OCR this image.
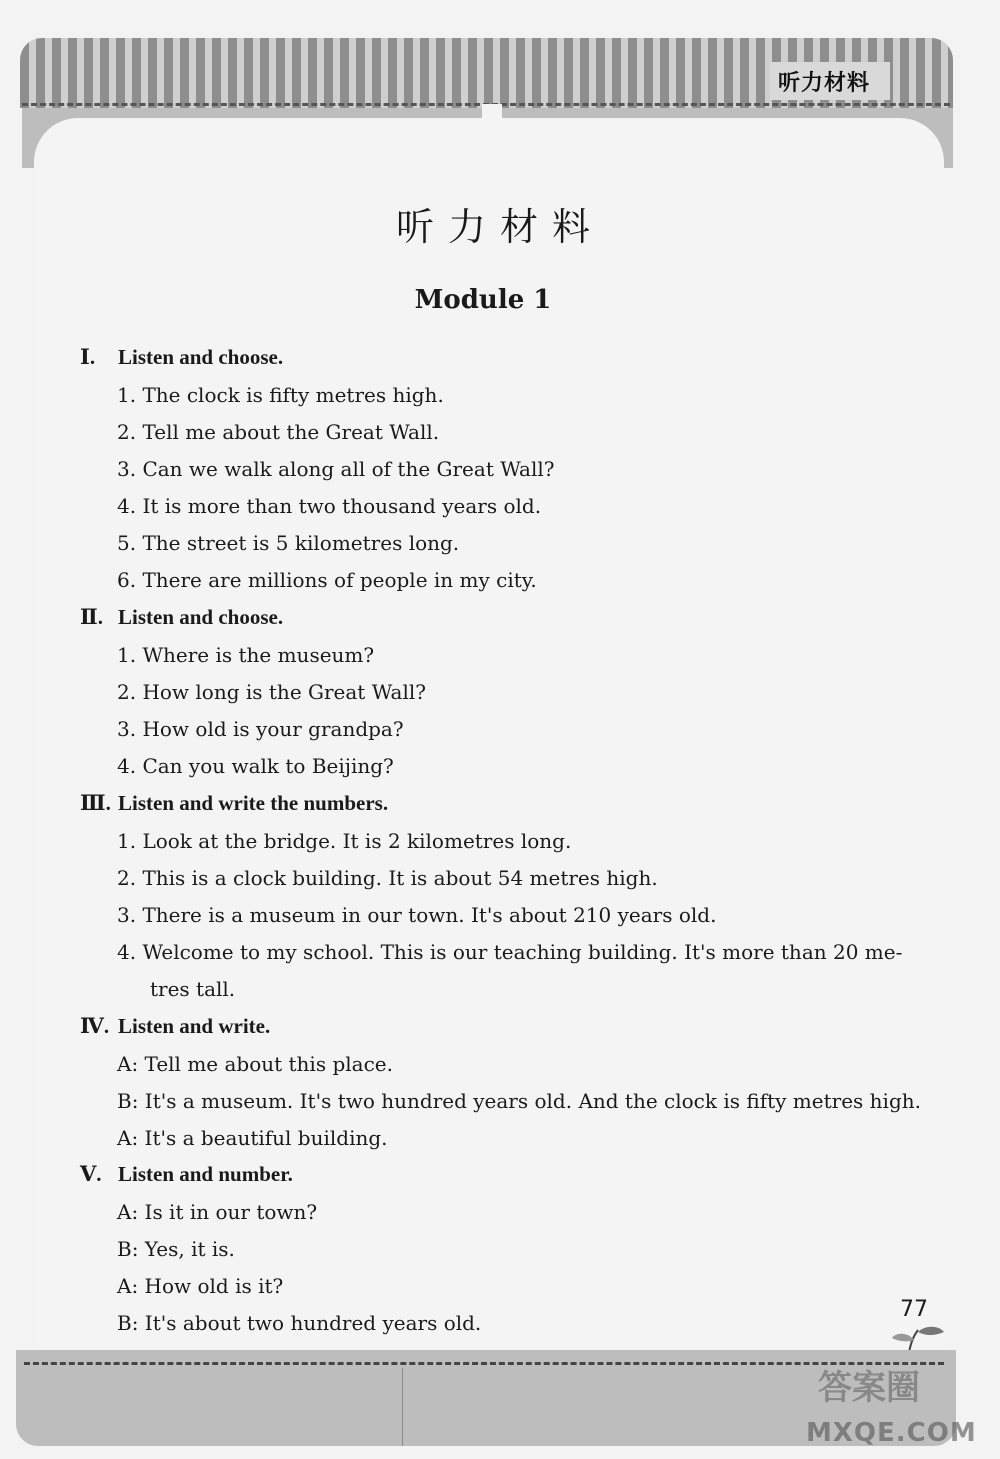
听力材料
听力材料
Module 1
Ⅰ. Listen and choose.
1. The clock is fifty metres high.
2. Tell me about the Great Wall.
3. Can we walk along all of the Great Wall?
4. It is more than two thousand years old.
5. The street is 5 kilometres long.
6. There are millions of people in my city.
Ⅱ. Listen and choose.
1. Where is the museum?
2. How long is the Great Wall?
3. How old is your grandpa?
4. Can you walk to Beijing?
Ⅲ. Listen and write the numbers.
1. Look at the bridge. It is 2 kilometres long.
2. This is a clock building. It is about 54 metres high.
3. There is a museum in our town. It's about 210 years old.
4. Welcome to my school. This is our teaching building. It's more than 20 me-
tres tall.
Ⅳ. Listen and write.
A: Tell me about this place.
B: It's a museum. It's two hundred years old. And the clock is fifty metres high.
A: It's a beautiful building.
Ⅴ. Listen and number.
A: Is it in our town?
B: Yes, it is.
A: How old is it?
B: It's about two hundred years old.
77
答案圈
MXQE.COM
